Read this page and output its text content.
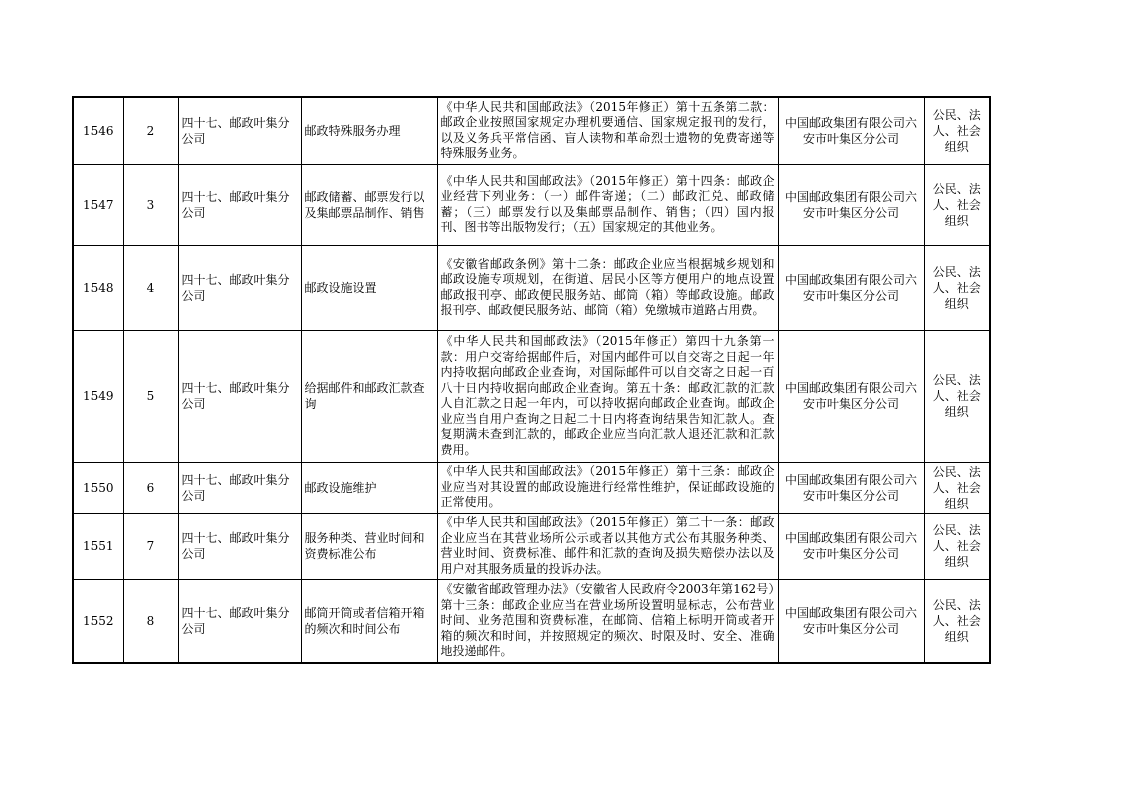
1546	2	四十七、邮政叶集分公司	邮政特殊服务办理	《中华人民共和国邮政法》（2015年修正）第十五条第二款：邮政企业按照国家规定办理机要通信、国家规定报刊的发行，以及义务兵平常信函、盲人读物和革命烈士遗物的免费寄递等特殊服务业务。	中国邮政集团有限公司六安市叶集区分公司	公民、法人、社会组织
1547	3	四十七、邮政叶集分公司	邮政储蓄、邮票发行以及集邮票品制作、销售	《中华人民共和国邮政法》（2015年修正）第十四条：邮政企业经营下列业务：（一）邮件寄递；（二）邮政汇兑、邮政储蓄；（三）邮票发行以及集邮票品制作、销售；（四）国内报刊、图书等出版物发行；（五）国家规定的其他业务。	中国邮政集团有限公司六安市叶集区分公司	公民、法人、社会组织
1548	4	四十七、邮政叶集分公司	邮政设施设置	《安徽省邮政条例》第十二条：邮政企业应当根据城乡规划和邮政设施专项规划，在街道、居民小区等方便用户的地点设置邮政报刊亭、邮政便民服务站、邮筒（箱）等邮政设施。邮政报刊亭、邮政便民服务站、邮筒（箱）免缴城市道路占用费。	中国邮政集团有限公司六安市叶集区分公司	公民、法人、社会组织
1549	5	四十七、邮政叶集分公司	给据邮件和邮政汇款查询	《中华人民共和国邮政法》（2015年修正）第四十九条第一款：用户交寄给据邮件后，对国内邮件可以自交寄之日起一年内持收据向邮政企业查询，对国际邮件可以自交寄之日起一百八十日内持收据向邮政企业查询。第五十条：邮政汇款的汇款人自汇款之日起一年内，可以持收据向邮政企业查询。邮政企业应当自用户查询之日起二十日内将查询结果告知汇款人。查复期满未查到汇款的，邮政企业应当向汇款人退还汇款和汇款费用。	中国邮政集团有限公司六安市叶集区分公司	公民、法人、社会组织
1550	6	四十七、邮政叶集分公司	邮政设施维护	《中华人民共和国邮政法》（2015年修正）第十三条：邮政企业应当对其设置的邮政设施进行经常性维护，保证邮政设施的正常使用。	中国邮政集团有限公司六安市叶集区分公司	公民、法人、社会组织
1551	7	四十七、邮政叶集分公司	服务种类、营业时间和资费标准公布	《中华人民共和国邮政法》（2015年修正）第二十一条：邮政企业应当在其营业场所公示或者以其他方式公布其服务种类、营业时间、资费标准、邮件和汇款的查询及损失赔偿办法以及用户对其服务质量的投诉办法。	中国邮政集团有限公司六安市叶集区分公司	公民、法人、社会组织
1552	8	四十七、邮政叶集分公司	邮筒开筒或者信箱开箱的频次和时间公布	《安徽省邮政管理办法》（安徽省人民政府令2003年第162号）第十三条：邮政企业应当在营业场所设置明显标志，公布营业时间、业务范围和资费标准，在邮筒、信箱上标明开筒或者开箱的频次和时间，并按照规定的频次、时限及时、安全、准确地投递邮件。	中国邮政集团有限公司六安市叶集区分公司	公民、法人、社会组织
